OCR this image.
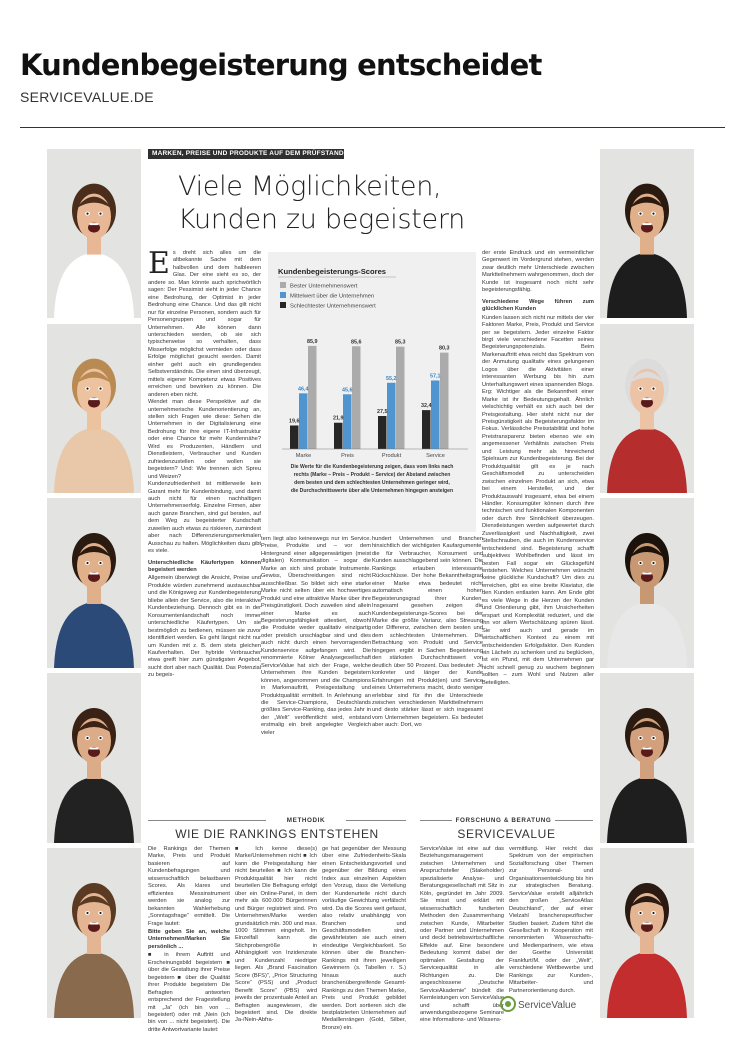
Kundenbegeisterung entscheidet
SERVICEVALUE.DE
MARKEN, PREISE UND PRODUKTE AUF DEM PRÜFSTAND
Viele Möglichkeiten,
Kunden zu begeistern
E s dreht sich alles um die altbekannte Sache mit dem halbvollen und dem halbleeren Glas. Der eine sieht es so, der andere so. Man könnte auch sprichwörtlich sagen: Der Pessimist sieht in jeder Chance eine Bedrohung, der Optimist in jeder Bedrohung eine Chance. Und das gilt nicht nur für einzelne Personen, sondern auch für Personengruppen und sogar für Unternehmen. Alle können dann unterschieden werden, ob sie sich typischerweise so verhalten, dass Misserfolge möglichst vermieden oder dass Erfolge möglichst gesucht werden. Damit einher geht auch ein grundlegendes Selbstverständnis. Die einen sind überzeugt, mittels eigener Kompetenz etwas Positives erreichen und bewirken zu können. Die anderen eben nicht.

Wendet man diese Perspektive auf die unternehmerische Kundenorientierung an, stellen sich Fragen wie diese: Sehen die Unternehmen in der Digitalisierung eine Bedrohung für ihre eigene IT-Infrastruktur oder eine Chance für mehr Kundennähe? Wird es Produzenten, Händlern und Dienstleistern, Verbraucher und Kunden zufriedenzustellen oder wollen sie begeistern? Und: Wie trennen sich Spreu und Weizen?

Kundenzufriedenheit ist mittlerweile kein Garant mehr für Kundenbindung, und damit auch nicht für einen nachhaltigen Unternehmenserfolg. Einzelne Firmen, aber auch ganze Branchen, sind gut beraten, auf dem Weg zu begeisterter Kundschaft zuweilen auch etwas zu riskieren, zumindest aber nach Differenzierungsmerkmalen Ausschau zu halten. Möglichkeiten dazu gibt es viele.

Unterschiedliche Käufertypen können begeistert werden

Allgemein überwiegt die Ansicht, Preise und Produkte würden zunehmend austauschbar und die Königsweg zur Kundenbegeisterung bliebe allein der Service, also die interaktive Kundenbeziehung. Dennoch gibt es in der Konsumentenlandschaft noch immer unterschiedliche Käufertypen. Um sie bestmöglich zu bedienen, müssen sie zuvor identifiziert werden. Es geht längst nicht nur um Kunden mit z. B. dem stets gleichen Kaufverhalten. Der hybride Verbraucher etwa greift hier zum günstigsten Angebot, sucht dort aber nach Qualität. Das Potenzial zu begeis-

Kundenbegeisterungs-Scores
Bester Unternehmenswert
Mittelwert über die Unternehmen
Schlechtester Unternehmenswert
19,6
46,4
85,9
21,9
45,6
85,6
27,5
55,2
85,3
32,4
57,1
80,3
Marke	Preis	Produkt	Service
Die Werte für die Kundenbegeisterung zeigen, dass vom links nach
rechts (Marke – Preis – Produkt – Service) der Abstand zwischen
dem besten und dem schlechtesten Unternehmen geringer wird,
die Durchschnittswerte über alle Unternehmen hingegen ansteigen

tern liegt also keineswegs nur im Service. Preise, Produkte und – vor dem Hintergrund einer allgegenwärtigen (meist digitalen) Kommunikation – sogar die Marke an sich sind probate Instrumente. Gewiss, Überschreidungen sind nicht ausschließbar. So bildet sich eine starke Marke nicht selten über ein hochwertiges Produkt und eine attraktive Marke über ihre Preisgünstigkeit. Doch zuweilen sind allein einer Marke es auch Begeisterungsfähigkeit attestiert, obwohl die Produkte weder qualitativ einzigartig oder preislich unschlagbar sind und dies auch nicht durch einen hervorragenden Kundenservice aufgefangen wird. Die renommierte Kölner Analysegesellschaft ServiceValue hat sich der Frage, welche Unternehmen ihre Kunden begeistern können, angenommen und die Champions in Markenauftritt, Preisgestaltung und Produktqualität ermittelt. In Anlehnung an die Service-Champions, Deutschlands größtes Service-Ranking, das jedes Jahr in der „Welt“ veröffentlicht wird, entstand erstmalig ein breit angelegter Vergleich vieler

hundert Unternehmen und Branchen hinsichtlich der wichtigsten Kaufargumente, die für Verbraucher, Konsument und Kunden ausschlaggebend sein können. Die Rankings erlauben interessante Rückschlüsse. Der hohe Bekanntheitsgrad einer Marke etwa bedeutet nicht automatisch einen hohen Begeisterungsgrad ihrer Kunden. Insgesamt gesehen zeigen die Kundenbegeisterungs-Scores bei der Marke die größte Varianz, also Streuung oder Differenz, zwischen dem besten und dem schlechtesten Unternehmen. Die Betrachtung von Produkt und Service hingegen ergibt in Sachen Begeisterung den stärksten Durchschnittswert von deutlich über 50 Prozent. Das bedeutet: Je konkreter und länger der Kunde Erfahrungen mit Produkt(en) und Service eines Unternehmens macht, desto weniger erlebbar sind für ihn die Unterschiede zwischen verschiedenen Marktteilnehmern und desto stärker lässt er sich insgesamt vom Unternehmen begeistern. Es bedeutet aber auch: Dort, wo

der erste Eindruck und ein vermeintlicher Gegenwert im Vordergrund stehen, werden zwar deutlich mehr Unterschiede zwischen Marktteilnehmern wahrgenommen, doch der Kunde ist insgesamt noch nicht sehr begeisterungsfähig.

Verschiedene Wege führen zum glücklichen Kunden

Kunden lassen sich nicht nur mittels der vier Faktoren Marke, Preis, Produkt und Service per se begeistern. Jeder einzelne Faktor birgt viele verschiedene Facetten seines Begeisterungspotenzials. Beim Markenauftritt etwa reicht das Spektrum von der Anmutung qualitativ eines gelungenen Logos über die Aktivitäten einer interessanten Werbung bis hin zum Unterhaltungswert eines spannenden Blogs. Erg: Wichtiger als die Bekanntheit einer Marke ist ihr Bedeutungsgehalt. Ähnlich vielschichtig verhält es sich auch bei der Preisgestaltung. Hier steht nicht nur der Preisgünstigkeit als Begeisterungsfaktor im Fokus. Verlässliche Preisstabilität und hohe Preistransparenz bieten ebenso wie ein angemessener Verhältnis zwischen Preis und Leistung mehr als hinreichend Spielraum zur Kundenbegeisterung. Bei der Produktqualität gilt es je nach Geschäftsmodell zu unterscheiden zwischen einzelnen Produkt an sich, etwa bei einem Hersteller, und der Produktauswahl insgesamt, etwa bei einem Händler. Konsumgüter können durch ihre technischen und funktionalen Komponenten oder durch ihre Sinnlichkeit überzeugen. Dienstleistungen werden aufgewertet durch Zuverlässigkeit und Nachhaltigkeit, zwei Stellschrauben, die auch im Kundenservice entscheidend sind. Begeisterung schafft subjektives Wohlbefinden und lässt im besten Fall sogar ein Glücksgefühl entstehen. Welches Unternehmen wünscht keine glückliche Kundschaft? Um dies zu erreichen, gibt es eine breite Klaviatur, die den Kunden entlasten kann. Am Ende gibt es viele Wege in die Herzen der Kunden und Orientierung gibt, ihm Unsicherheiten erspart und Komplexität reduziert, und die ihn vor allem Wertschätzung spüren lässt. Sie wird auch und gerade im wirtschaftlichen Kontext zu einem mit entscheidenden Erfolgsfaktor. Den Kunden ein Lächeln zu schenken und zu beglücken, ist ein Pfund, mit dem Unternehmen gar nicht schnell genug zu wuchern beginnen sollten – zum Wohl und Nutzen aller Beteiligten.

METHODIK
WIE DIE RANKINGS ENTSTEHEN

Die Rankings der Themen Marke, Preis und Produkt basieren auf Kundenbefragungen und wissenschaftlich belastbaren Scores. Als klares und effizientes Messinstrument werden sie analog zur bekannten Wahlerhebung „Sonntagsfrage“ ermittelt. Die Frage lautet:

Bitte geben Sie an, welche Unternehmen/Marken Sie persönlich ...

■ in ihrem Auftritt und Erscheinungsbild begeistern ■ über die Gestaltung ihrer Preise begeistern ■ über die Qualität ihrer Produkte begeistern Die Befragten antworten entsprechend der Fragestellung mit „Ja“ (ich bin von ... begeistert) oder mit „Nein (ich bin von ... nicht begeistert). Die dritte Antwortvariante lautet:

■ Ich kenne diese(s) Marke/Unternehmen nicht ■ Ich kann die Preisgestaltung hier nicht beurteilen ■ Ich kann die Produktqualität hier nicht beurteilen Die Befragung erfolgt über ein Online-Panel, in dem mehr als 600.000 Bürgerinnen und Bürger registriert sind. Pro Unternehmen/Marke werden grundsätzlich min. 300 und max. 1000 Stimmen eingeholt. Im Einzelfall kann die Stichprobengröße in Abhängigkeit von Inzidenzrate und Kundenzahl niedriger liegen. Als „Brand Fascination Score (BFS)“, „Price Structuring Score“ (PSS) und „Product Benefit Score“ (PBS) wird jeweils der prozentuale Anteil an Befragten ausgewiesen, die begeistert sind. Die direkte Ja-/Nein-Abfra-

ge hat gegenüber der Messung über eine Zufriedenheits-Skala einen Entscheidungsvorteil und gegenüber der Bildung eines Index aus einzelnen Aspekten den Vorzug, dass die Verteilung der Kundenurteile nicht durch vorläufige Gewichtung verfälscht wird. Da die Scores weit gefasst, also relativ unabhängig von Branchen und Geschäftsmodellen sind, gewährleisten sie auch einen eindeutige Vergleichbarkeit. So können über die Branchen-Rankings mit ihren jeweiligen Gewinnern (s. Tabellen r. S.) hinaus auch branchenübergreifende Gesamt-Rankings zu den Themen Marke, Preis und Produkt gebildet werden. Dort sortieren sich die bestplatzierten Unternehmen auf Medaillenrängen (Gold, Silber, Bronze) ein.

FORSCHUNG & BERATUNG
SERVICEVALUE

ServiceValue ist eine auf das Beziehungsmanagement zwischen Unternehmen und Anspruchsteller (Stakeholder) spezialisierte Analyse- und Beratungsgesellschaft mit Sitz in Köln, gegründet im Jahr 2009. Sie misst und erklärt mit wissenschaftlich fundierten Methoden den Zusammenhang zwischen Kunde, Mitarbeiter oder Partner und Unternehmen und deckt betriebswirtschaftliche Effekte auf. Eine besondere Bedeutung kommt dabei der optimalen Gestaltung der Servicequalität in alle Richtungen zu. Die angeschlossene „Deutsche ServiceAkademie“ bündelt die Kernleistungen von ServiceValue und schafft über anwendungsbezogene Seminare eine Informations- und Wissens-

vermittlung. Hier reicht das Spektrum von der empirischen Sozialforschung über Themen zur Personal- und Organisationsentwicklung bis hin zur strategischen Beratung. ServiceValue erstellt alljährlich den großen „ServiceAtlas Deutschland“, der auf einer Vielzahl branchenspezifischer Studien basiert. Zudem führt die Gesellschaft in Kooperation mit renommierten Wissenschafts- und Medienpartnern, wie etwa der Goethe Universität Frankfurt/M. oder der „Welt“, verschiedene Wettbewerbe und Rankings zur Kunden-, Mitarbeiter- und Partnerorientierung durch.

ServiceValue
